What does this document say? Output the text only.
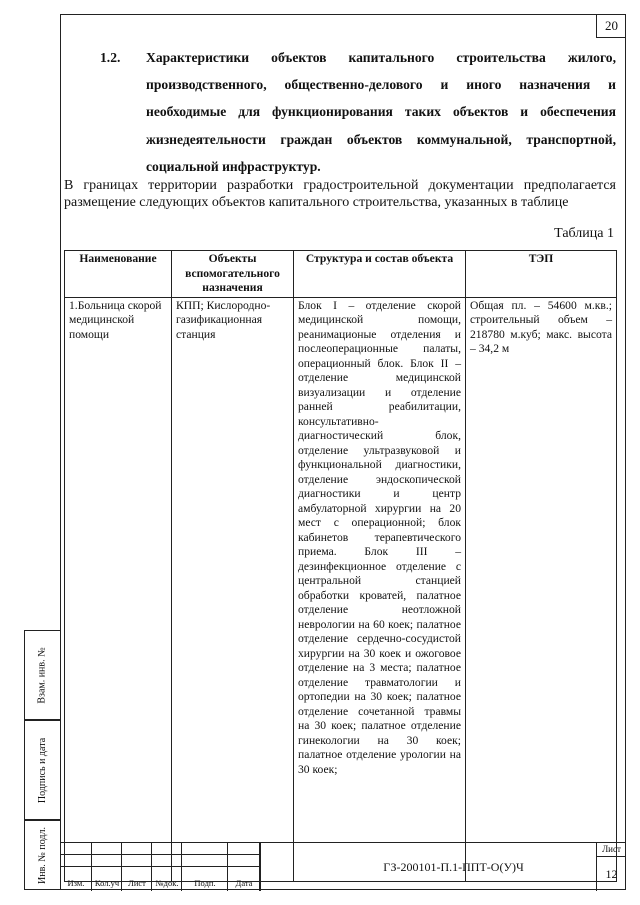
20
1.2. Характеристики объектов капитального строительства жилого, производственного, общественно-делового и иного назначения и необходимые для функционирования таких объектов и обеспечения жизнедеятельности граждан объектов коммунальной, транспортной, социальной инфраструктур.
В границах территории разработки градостроительной документации предполагается размещение следующих объектов капитального строительства, указанных в таблице
Таблица 1
Наименование	Объекты вспомогательного назначения	Структура и состав объекта	ТЭП
1.Больница скорой медицинской помощи	КПП; Кислородно-газификационная станция	Блок I – отделение скорой медицинской помощи, реанимационые отделения и послеоперационные палаты, операционный блок. Блок II – отделение медицинской визуализации и отделение ранней реабилитации, консультативно-диагностический блок, отделение ультразвуковой и функциональной диагностики, отделение эндоскопической диагностики и центр амбулаторной хирургии на 20 мест с операционной; блок кабинетов терапевтического приема. Блок III – дезинфекционное отделение с центральной станцией обработки кроватей, палатное отделение неотложной неврологии на 60 коек; палатное отделение сердечно-сосудистой хирургии на 30 коек и ожоговое отделение на 3 места; палатное отделение травматологии и ортопедии на 30 коек; палатное отделение сочетанной травмы на 30 коек; палатное отделение гинекологии на 30 коек; палатное отделение урологии на 30 коек;	Общая пл. – 54600 м.кв.; строительный объем – 218780 м.куб; макс. высота – 34,2 м
Взам. инв. №
Подпись и дата
Инв. № подл.	Изм.	Кол.уч	Лист	№док.	Подп.	Дата
ГЗ-200101-П.1-ППТ-О(У)Ч
Лист
12
